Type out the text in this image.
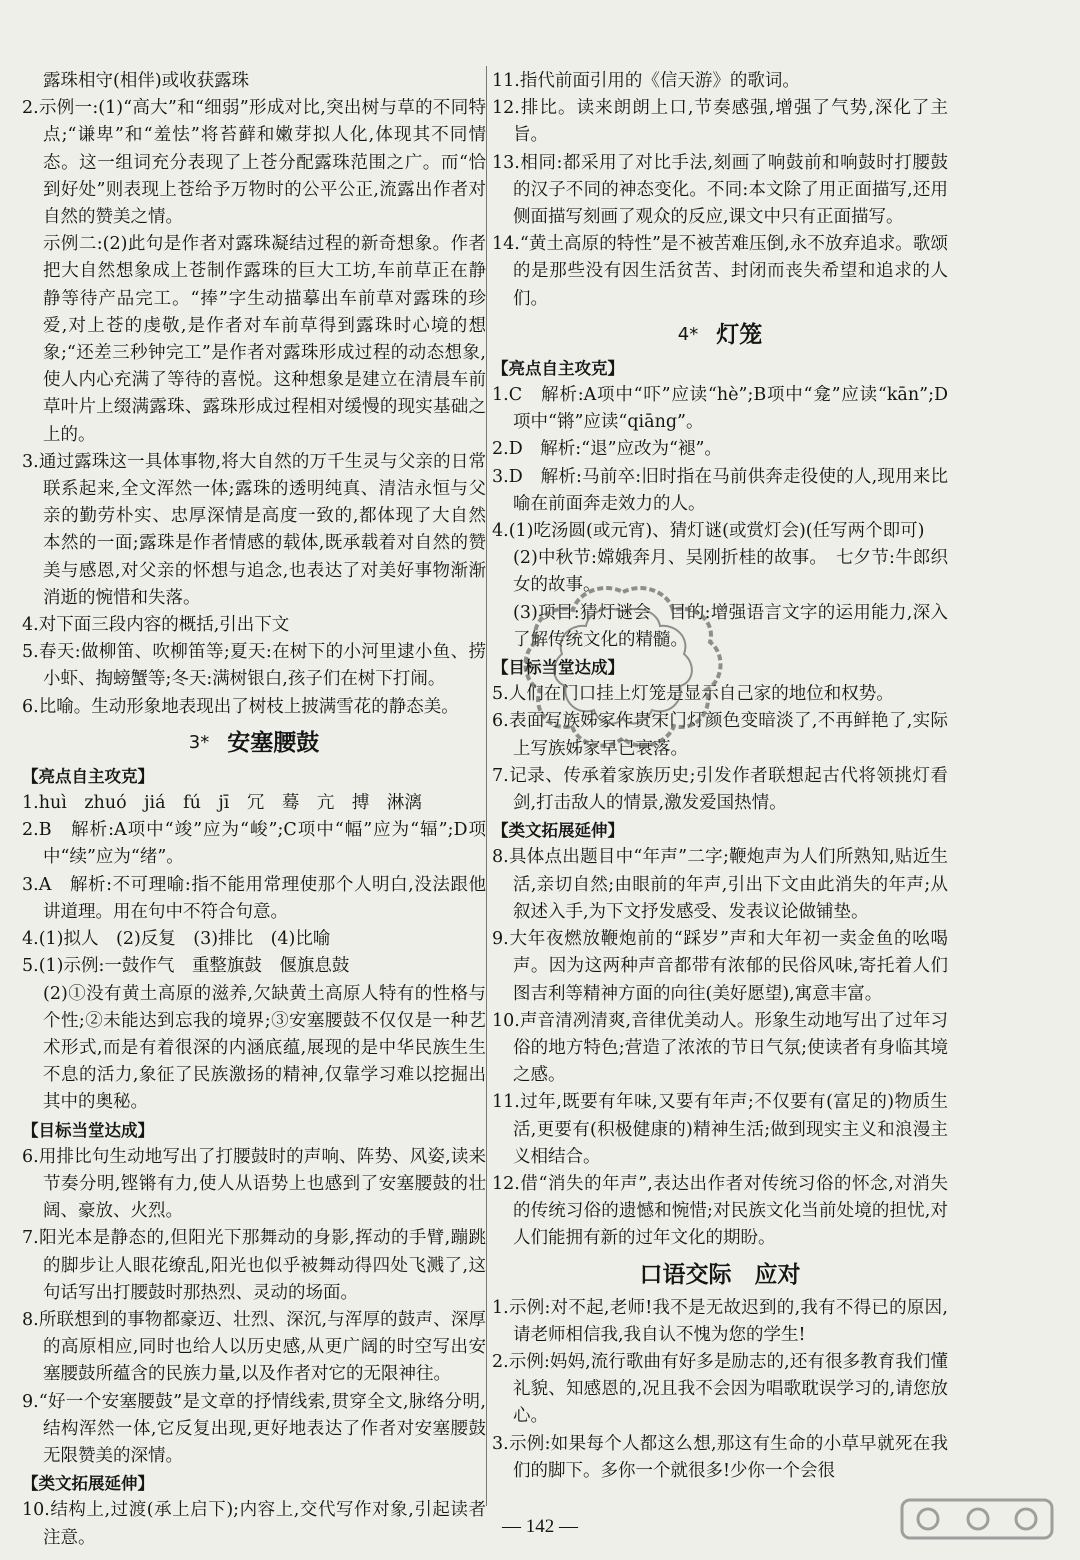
露珠相守(相伴)或收获露珠

2.示例一:(1)“高大”和“细弱”形成对比,突出树与草的不同特点;“谦卑”和“羞怯”将苔藓和嫩芽拟人化,体现其不同情态。这一组词充分表现了上苍分配露珠范围之广。而“恰到好处”则表现上苍给予万物时的公平公正,流露出作者对自然的赞美之情。

示例二:(2)此句是作者对露珠凝结过程的新奇想象。作者把大自然想象成上苍制作露珠的巨大工坊,车前草正在静静等待产品完工。“捧”字生动描摹出车前草对露珠的珍爱,对上苍的虔敬,是作者对车前草得到露珠时心境的想象;“还差三秒钟完工”是作者对露珠形成过程的动态想象,使人内心充满了等待的喜悦。这种想象是建立在清晨车前草叶片上缀满露珠、露珠形成过程相对缓慢的现实基础之上的。

3.通过露珠这一具体事物,将大自然的万千生灵与父亲的日常联系起来,全文浑然一体;露珠的透明纯真、清洁永恒与父亲的勤劳朴实、忠厚深情是高度一致的,都体现了大自然本然的一面;露珠是作者情感的载体,既承载着对自然的赞美与感恩,对父亲的怀想与追念,也表达了对美好事物渐渐消逝的惋惜和失落。

4.对下面三段内容的概括,引出下文

5.春天:做柳笛、吹柳笛等;夏天:在树下的小河里逮小鱼、捞小虾、掏螃蟹等;冬天:满树银白,孩子们在树下打闹。

6.比喻。生动形象地表现出了树枝上披满雪花的静态美。

3* 安塞腰鼓

【亮点自主攻克】

1.huì　zhuó　jiá　fú　jī　冗　蓦　亢　搏　淋漓

2.B　解析:A项中“竣”应为“峻”;C项中“幅”应为“辐”;D项中“续”应为“绪”。

3.A　解析:不可理喻:指不能用常理使那个人明白,没法跟他讲道理。用在句中不符合句意。

4.(1)拟人　(2)反复　(3)排比　(4)比喻

5.(1)示例:一鼓作气　重整旗鼓　偃旗息鼓

(2)①没有黄土高原的滋养,欠缺黄土高原人特有的性格与个性;②未能达到忘我的境界;③安塞腰鼓不仅仅是一种艺术形式,而是有着很深的内涵底蕴,展现的是中华民族生生不息的活力,象征了民族激扬的精神,仅靠学习难以挖掘出其中的奥秘。

【目标当堂达成】

6.用排比句生动地写出了打腰鼓时的声响、阵势、风姿,读来节奏分明,铿锵有力,使人从语势上也感到了安塞腰鼓的壮阔、豪放、火烈。

7.阳光本是静态的,但阳光下那舞动的身影,挥动的手臂,蹦跳的脚步让人眼花缭乱,阳光也似乎被舞动得四处飞溅了,这句话写出打腰鼓时那热烈、灵动的场面。

8.所联想到的事物都豪迈、壮烈、深沉,与浑厚的鼓声、深厚的高原相应,同时也给人以历史感,从更广阔的时空写出安塞腰鼓所蕴含的民族力量,以及作者对它的无限神往。

9.“好一个安塞腰鼓”是文章的抒情线索,贯穿全文,脉络分明,结构浑然一体,它反复出现,更好地表达了作者对安塞腰鼓无限赞美的深情。

【类文拓展延伸】

10.结构上,过渡(承上启下);内容上,交代写作对象,引起读者注意。

11.指代前面引用的《信天游》的歌词。

12.排比。读来朗朗上口,节奏感强,增强了气势,深化了主旨。

13.相同:都采用了对比手法,刻画了响鼓前和响鼓时打腰鼓的汉子不同的神态变化。不同:本文除了用正面描写,还用侧面描写刻画了观众的反应,课文中只有正面描写。

14.“黄土高原的特性”是不被苦难压倒,永不放弃追求。歌颂的是那些没有因生活贫苦、封闭而丧失希望和追求的人们。

4* 灯笼

【亮点自主攻克】

1.C　解析:A项中“吓”应读“hè”;B项中“龛”应读“kān”;D项中“锵”应读“qiāng”。

2.D　解析:“退”应改为“褪”。

3.D　解析:马前卒:旧时指在马前供奔走役使的人,现用来比喻在前面奔走效力的人。

4.(1)吃汤圆(或元宵)、猜灯谜(或赏灯会)(任写两个即可)

(2)中秋节:嫦娥奔月、吴刚折桂的故事。　七夕节:牛郎织女的故事。

(3)项目:猜灯谜会　目的:增强语言文字的运用能力,深入了解传统文化的精髓。

【目标当堂达成】

5.人们在门口挂上灯笼是显示自己家的地位和权势。

6.表面写族姊家作贵宋门灯颜色变暗淡了,不再鲜艳了,实际上写族姊家早已衰落。

7.记录、传承着家族历史;引发作者联想起古代将领挑灯看剑,打击敌人的情景,激发爱国热情。

【类文拓展延伸】

8.具体点出题目中“年声”二字;鞭炮声为人们所熟知,贴近生活,亲切自然;由眼前的年声,引出下文由此消失的年声;从叙述入手,为下文抒发感受、发表议论做铺垫。

9.大年夜燃放鞭炮前的“踩岁”声和大年初一卖金鱼的吆喝声。因为这两种声音都带有浓郁的民俗风味,寄托着人们图吉利等精神方面的向往(美好愿望),寓意丰富。

10.声音清冽清爽,音律优美动人。形象生动地写出了过年习俗的地方特色;营造了浓浓的节日气氛;使读者有身临其境之感。

11.过年,既要有年味,又要有年声;不仅要有(富足的)物质生活,更要有(积极健康的)精神生活;做到现实主义和浪漫主义相结合。

12.借“消失的年声”,表达出作者对传统习俗的怀念,对消失的传统习俗的遗憾和惋惜;对民族文化当前处境的担忧,对人们能拥有新的过年文化的期盼。

口语交际　应对

1.示例:对不起,老师!我不是无故迟到的,我有不得已的原因,请老师相信我,我自认不愧为您的学生!

2.示例:妈妈,流行歌曲有好多是励志的,还有很多教育我们懂礼貌、知感恩的,况且我不会因为唱歌耽误学习的,请您放心。

3.示例:如果每个人都这么想,那这有生命的小草早就死在我们的脚下。多你一个就很多!少你一个会很

— 142 —
